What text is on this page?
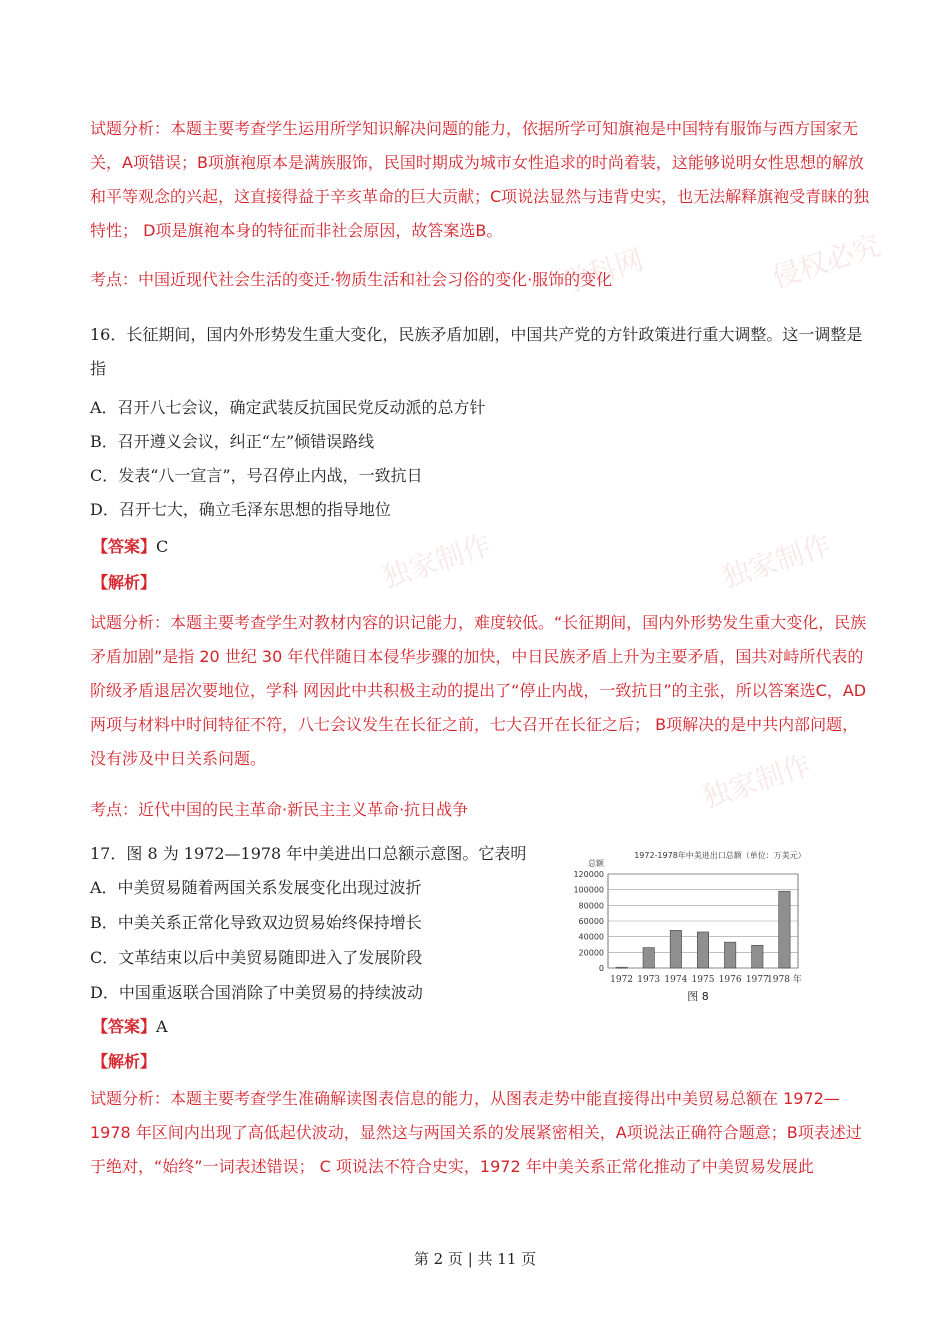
学科网	侵权必究
独家制作
独家制作
独家制作
试题分析：本题主要考查学生运用所学知识解决问题的能力，依据所学可知旗袍是中国特有服饰与西方国家无关，A项错误；B项旗袍原本是满族服饰，民国时期成为城市女性追求的时尚着装，这能够说明女性思想的解放和平等观念的兴起，这直接得益于辛亥革命的巨大贡献；C项说法显然与违背史实，也无法解释旗袍受青睐的独特性； D项是旗袍本身的特征而非社会原因，故答案选B。
考点：中国近现代社会生活的变迁·物质生活和社会习俗的变化·服饰的变化
16．长征期间，国内外形势发生重大变化，民族矛盾加剧，中国共产党的方针政策进行重大调整。这一调整是指
A．召开八七会议，确定武装反抗国民党反动派的总方针
B．召开遵义会议，纠正“左”倾错误路线
C．发表“八一宣言”，号召停止内战，一致抗日
D．召开七大，确立毛泽东思想的指导地位
【答案】C
【解析】
试题分析：本题主要考查学生对教材内容的识记能力，难度较低。“长征期间，国内外形势发生重大变化，民族矛盾加剧”是指 20 世纪 30 年代伴随日本侵华步骤的加快，中日民族矛盾上升为主要矛盾，国共对峙所代表的阶级矛盾退居次要地位，学科 网因此中共积极主动的提出了“停止内战，一致抗日”的主张，所以答案选C，AD两项与材料中时间特征不符，八七会议发生在长征之前，七大召开在长征之后； B项解决的是中共内部问题，没有涉及中日关系问题。
考点：近代中国的民主革命·新民主主义革命·抗日战争
17．图 8 为 1972—1978 年中美进出口总额示意图。它表明
A．中美贸易随着两国关系发展变化出现过波折
B．中美关系正常化导致双边贸易始终保持增长
C．文革结束以后中美贸易随即进入了发展阶段
D．中国重返联合国消除了中美贸易的持续波动
1972-1978年中美进出口总额（单位：万美元）
总额
0
20000
40000
60000
80000
100000
120000
1972 1973 1974 1975 1976 1977
1978 年
图 8
【答案】A
【解析】
试题分析：本题主要考查学生准确解读图表信息的能力，从图表走势中能直接得出中美贸易总额在 1972—1978 年区间内出现了高低起伏波动，显然这与两国关系的发展紧密相关，A项说法正确符合题意；B项表述过于绝对，“始终”一词表述错误； C 项说法不符合史实，1972 年中美关系正常化推动了中美贸易发展此
第 2 页 | 共 11 页
